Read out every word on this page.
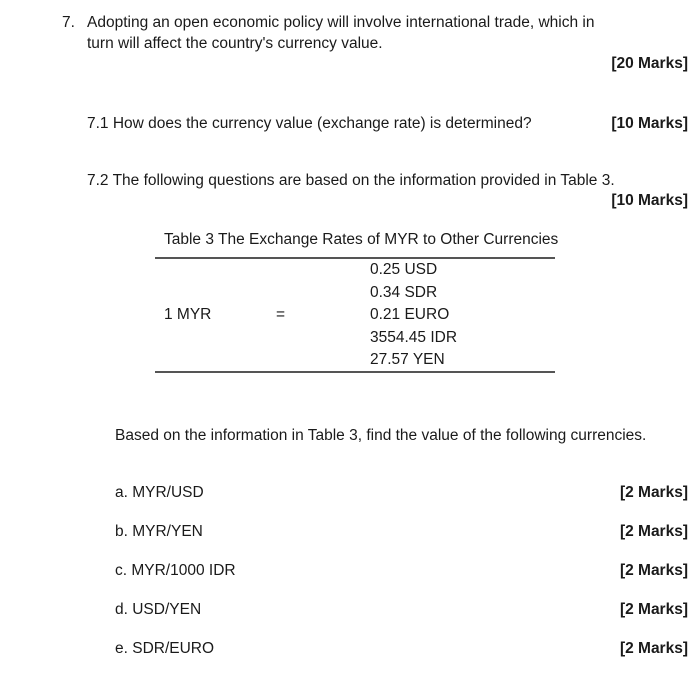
7. Adopting an open economic policy will involve international trade, which in
turn will affect the country's currency value.
[20 Marks]
7.1 How does the currency value (exchange rate) is determined?	[10 Marks]
7.2 The following questions are based on the information provided in Table 3.
[10 Marks]
Table 3 The Exchange Rates of MYR to Other Currencies
1 MYR	=
0.25 USD
0.34 SDR
0.21 EURO
3554.45 IDR
27.57 YEN
Based on the information in Table 3, find the value of the following currencies.
a. MYR/USD	[2 Marks]
b. MYR/YEN	[2 Marks]
c. MYR/1000 IDR	[2 Marks]
d. USD/YEN	[2 Marks]
e. SDR/EURO	[2 Marks]
